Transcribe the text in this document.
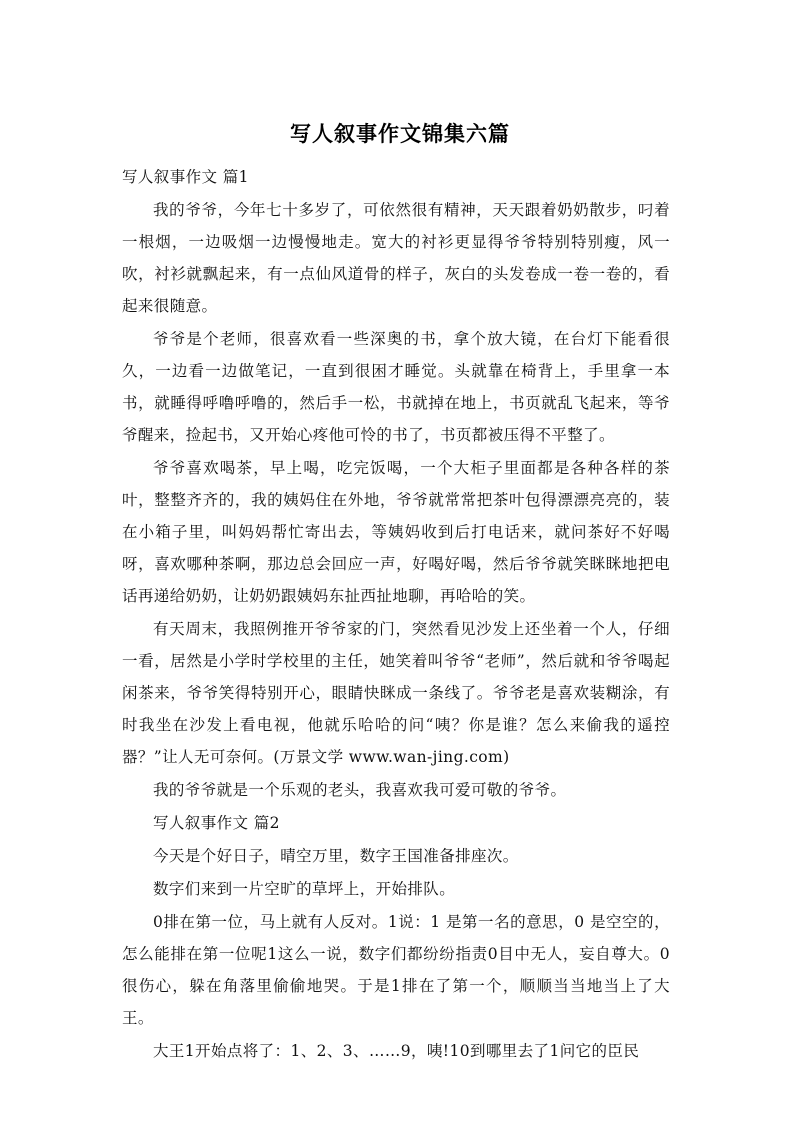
写人叙事作文锦集六篇

写人叙事作文 篇1

我的爷爷，今年七十多岁了，可依然很有精神，天天跟着奶奶散步，叼着一根烟，一边吸烟一边慢慢地走。宽大的衬衫更显得爷爷特别特别瘦，风一吹，衬衫就飘起来，有一点仙风道骨的样子，灰白的头发卷成一卷一卷的，看起来很随意。

爷爷是个老师，很喜欢看一些深奥的书，拿个放大镜，在台灯下能看很久，一边看一边做笔记，一直到很困才睡觉。头就靠在椅背上，手里拿一本书，就睡得呼噜呼噜的，然后手一松，书就掉在地上，书页就乱飞起来，等爷爷醒来，捡起书，又开始心疼他可怜的书了，书页都被压得不平整了。

爷爷喜欢喝茶，早上喝，吃完饭喝，一个大柜子里面都是各种各样的茶叶，整整齐齐的，我的姨妈住在外地，爷爷就常常把茶叶包得漂漂亮亮的，装在小箱子里，叫妈妈帮忙寄出去，等姨妈收到后打电话来，就问茶好不好喝呀，喜欢哪种茶啊，那边总会回应一声，好喝好喝，然后爷爷就笑眯眯地把电话再递给奶奶，让奶奶跟姨妈东扯西扯地聊，再哈哈的笑。

有天周末，我照例推开爷爷家的门，突然看见沙发上还坐着一个人，仔细一看，居然是小学时学校里的主任，她笑着叫爷爷“老师”，然后就和爷爷喝起闲茶来，爷爷笑得特别开心，眼睛快眯成一条线了。爷爷老是喜欢装糊涂，有时我坐在沙发上看电视，他就乐哈哈的问“咦？你是谁？怎么来偷我的遥控器？”让人无可奈何。(万景文学 www.wan-jing.com)

我的爷爷就是一个乐观的老头，我喜欢我可爱可敬的爷爷。

写人叙事作文 篇2

今天是个好日子，晴空万里，数字王国准备排座次。

数字们来到一片空旷的草坪上，开始排队。

0排在第一位，马上就有人反对。1说：1 是第一名的意思，0 是空空的，怎么能排在第一位呢1这么一说，数字们都纷纷指责0目中无人，妄自尊大。0很伤心，躲在角落里偷偷地哭。于是1排在了第一个，顺顺当当地当上了大王。

大王1开始点将了：1、2、3、……9，咦!10到哪里去了1问它的臣民
